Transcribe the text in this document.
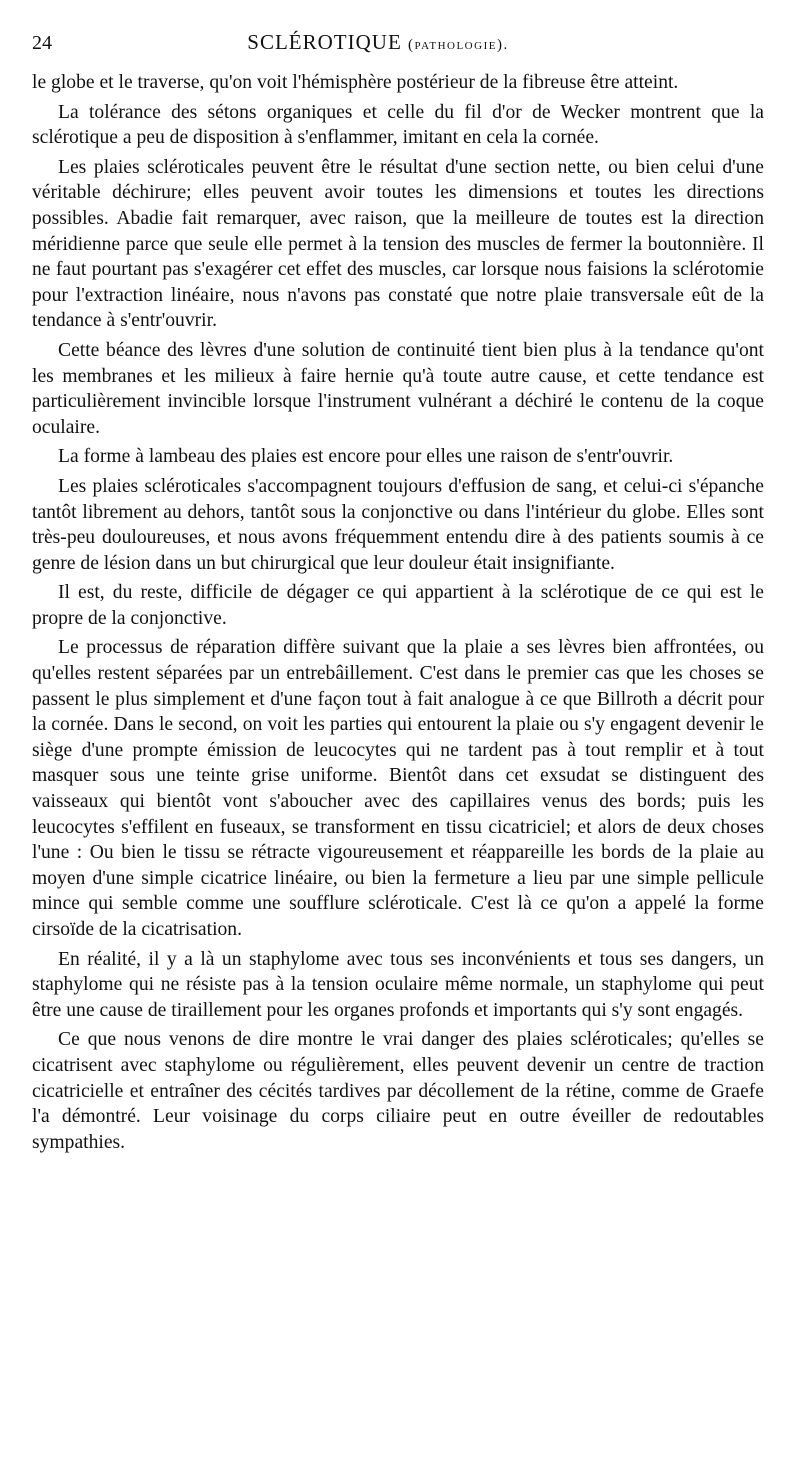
24	SCLÉROTIQUE (pathologie).

le globe et le traverse, qu'on voit l'hémisphère postérieur de la fibreuse être atteint.

La tolérance des sétons organiques et celle du fil d'or de Wecker montrent que la sclérotique a peu de disposition à s'enflammer, imitant en cela la cornée.

Les plaies scléroticales peuvent être le résultat d'une section nette, ou bien celui d'une véritable déchirure; elles peuvent avoir toutes les dimensions et toutes les directions possibles. Abadie fait remarquer, avec raison, que la meilleure de toutes est la direction méridienne parce que seule elle permet à la tension des muscles de fermer la boutonnière. Il ne faut pourtant pas s'exagérer cet effet des muscles, car lorsque nous faisions la sclérotomie pour l'extraction linéaire, nous n'avons pas constaté que notre plaie transversale eût de la tendance à s'entr'ouvrir.

Cette béance des lèvres d'une solution de continuité tient bien plus à la tendance qu'ont les membranes et les milieux à faire hernie qu'à toute autre cause, et cette tendance est particulièrement invincible lorsque l'instrument vulnérant a déchiré le contenu de la coque oculaire.

La forme à lambeau des plaies est encore pour elles une raison de s'entr'ouvrir.

Les plaies scléroticales s'accompagnent toujours d'effusion de sang, et celui-ci s'épanche tantôt librement au dehors, tantôt sous la conjonctive ou dans l'intérieur du globe. Elles sont très-peu douloureuses, et nous avons fréquemment entendu dire à des patients soumis à ce genre de lésion dans un but chirurgical que leur douleur était insignifiante.

Il est, du reste, difficile de dégager ce qui appartient à la sclérotique de ce qui est le propre de la conjonctive.

Le processus de réparation diffère suivant que la plaie a ses lèvres bien affrontées, ou qu'elles restent séparées par un entrebâillement. C'est dans le premier cas que les choses se passent le plus simplement et d'une façon tout à fait analogue à ce que Billroth a décrit pour la cornée. Dans le second, on voit les parties qui entourent la plaie ou s'y engagent devenir le siège d'une prompte émission de leucocytes qui ne tardent pas à tout remplir et à tout masquer sous une teinte grise uniforme. Bientôt dans cet exsudat se distinguent des vaisseaux qui bientôt vont s'aboucher avec des capillaires venus des bords; puis les leucocytes s'effilent en fuseaux, se transforment en tissu cicatriciel; et alors de deux choses l'une : Ou bien le tissu se rétracte vigoureusement et réappareille les bords de la plaie au moyen d'une simple cicatrice linéaire, ou bien la fermeture a lieu par une simple pellicule mince qui semble comme une soufflure scléroticale. C'est là ce qu'on a appelé la forme cirsoïde de la cicatrisation.

En réalité, il y a là un staphylome avec tous ses inconvénients et tous ses dangers, un staphylome qui ne résiste pas à la tension oculaire même normale, un staphylome qui peut être une cause de tiraillement pour les organes profonds et importants qui s'y sont engagés.

Ce que nous venons de dire montre le vrai danger des plaies scléroticales; qu'elles se cicatrisent avec staphylome ou régulièrement, elles peuvent devenir un centre de traction cicatricielle et entraîner des cécités tardives par décollement de la rétine, comme de Graefe l'a démontré. Leur voisinage du corps ciliaire peut en outre éveiller de redoutables sympathies.
